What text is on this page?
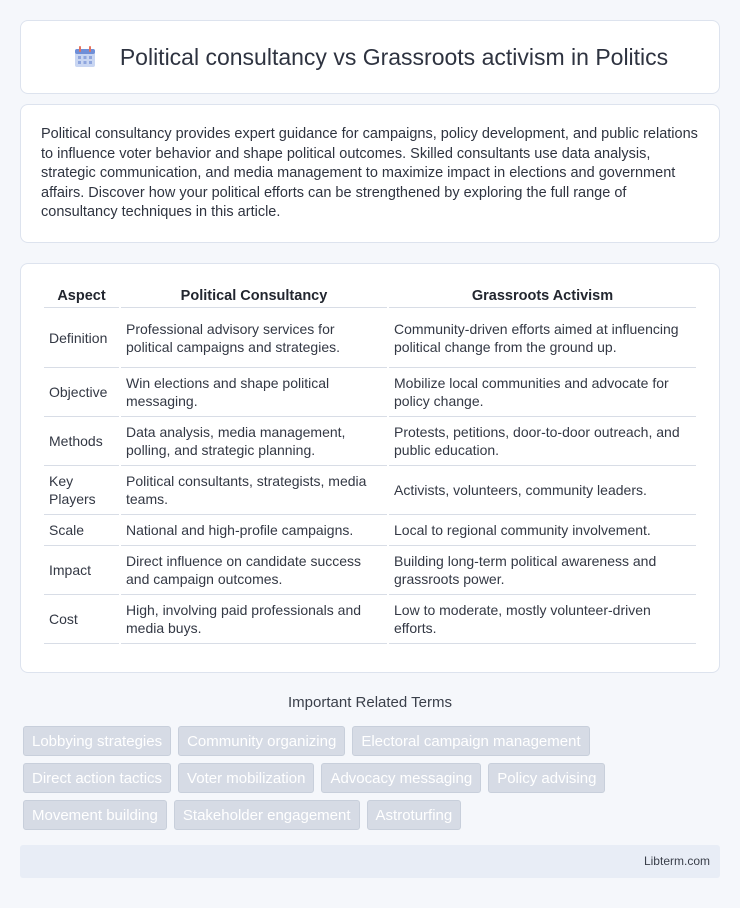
Political consultancy vs Grassroots activism in Politics

Political consultancy provides expert guidance for campaigns, policy development, and public relations to influence voter behavior and shape political outcomes. Skilled consultants use data analysis, strategic communication, and media management to maximize impact in elections and government affairs. Discover how your political efforts can be strengthened by exploring the full range of consultancy techniques in this article.

Aspect	Political Consultancy	Grassroots Activism
Definition	Professional advisory services for political campaigns and strategies.	Community-driven efforts aimed at influencing political change from the ground up.
Objective	Win elections and shape political messaging.	Mobilize local communities and advocate for policy change.
Methods	Data analysis, media management, polling, and strategic planning.	Protests, petitions, door-to-door outreach, and public education.
Key Players	Political consultants, strategists, media teams.	Activists, volunteers, community leaders.
Scale	National and high-profile campaigns.	Local to regional community involvement.
Impact	Direct influence on candidate success and campaign outcomes.	Building long-term political awareness and grassroots power.
Cost	High, involving paid professionals and media buys.	Low to moderate, mostly volunteer-driven efforts.
Important Related Terms
Lobbying strategies	Community organizing	Electoral campaign management
Direct action tactics	Voter mobilization	Advocacy messaging	Policy advising
Movement building	Stakeholder engagement	Astroturfing
Libterm.com
